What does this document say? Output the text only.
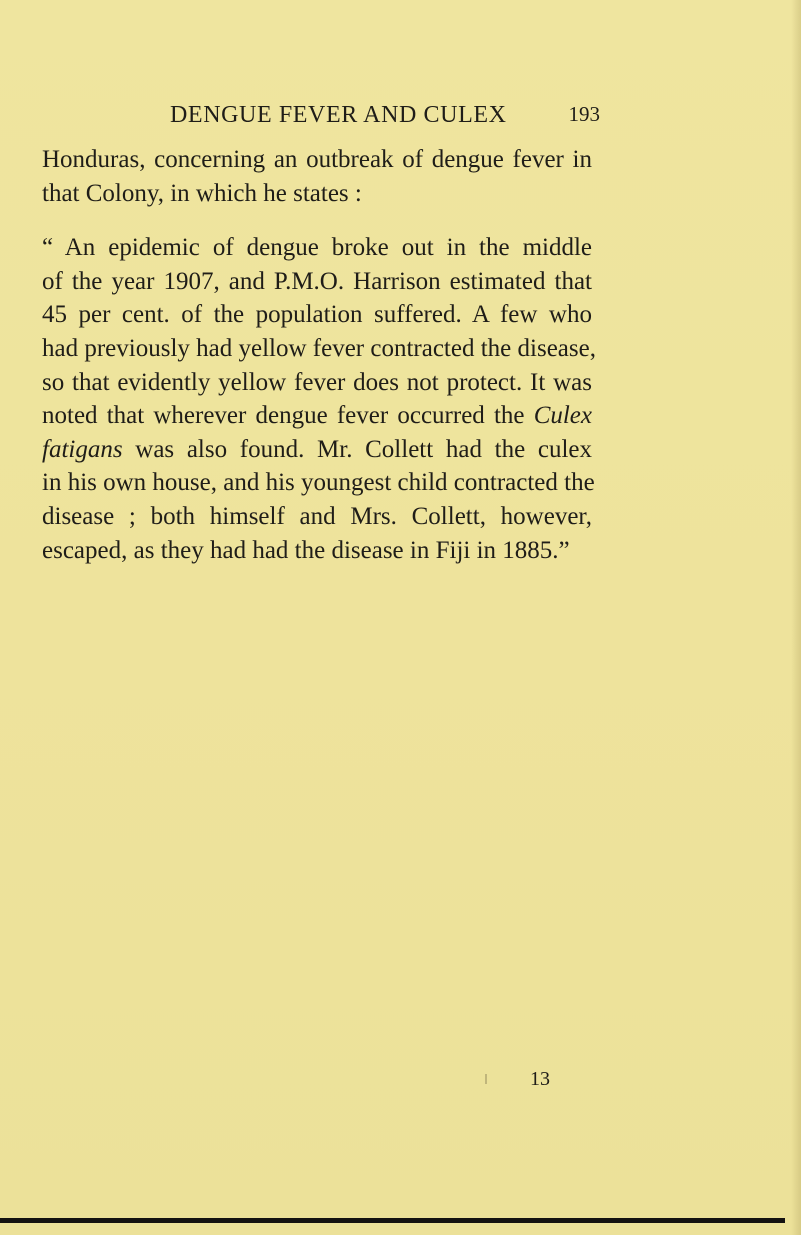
DENGUE FEVER AND CULEX	193
Honduras, concerning an outbreak of dengue fever in
that Colony, in which he states :
“ An epidemic of dengue broke out in the middle
of the year 1907, and P.M.O. Harrison estimated that
45 per cent. of the population suffered. A few who
had previously had yellow fever contracted the disease,
so that evidently yellow fever does not protect. It was
noted that wherever dengue fever occurred the Culex
fatigans was also found. Mr. Collett had the culex
in his own house, and his youngest child contracted the
disease ; both himself and Mrs. Collett, however,
escaped, as they had had the disease in Fiji in 1885.”
13
